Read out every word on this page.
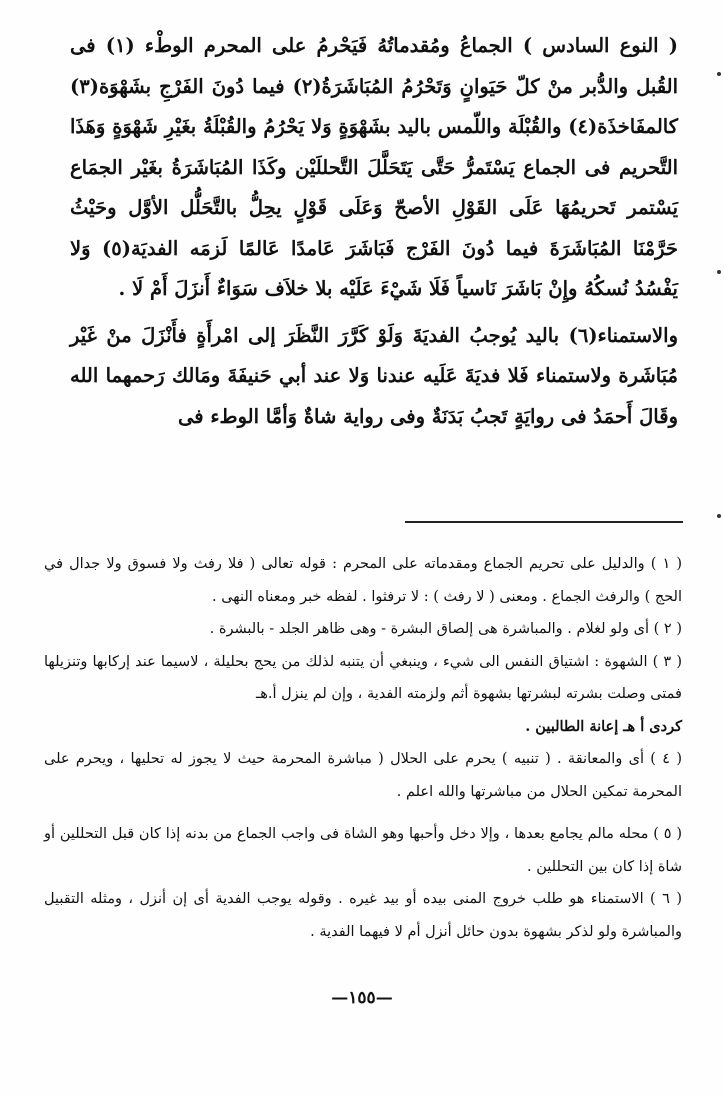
( النوع السادس ) الجماعُ ومُقدماتُهُ فَيَحْرمُ على المحرم الوطْء (١) فى القُبل والدُّبر منْ كلّ حَيَوانٍ وَتَحْرُمُ المُبَاشَرَةُ(٢) فيما دُونَ الفَرْجِ بشَهْوَة(٣) كالمفَاخذَة(٤) والقُبْلَة واللّمس باليد بشَهْوَةٍ وَلا يَحْرُمُ والقُبْلَةُ بغَيْرِ شَهْوَةٍ وَهَذَا التَّحريم فى الجماع يَسْتَمرُّ حَتَّى يَتَحَلَّلَ التَّحللَيْن وكَذَا المُبَاشَرَةُ بغَيْر الجمَاع يَسْتمر تَحريمُهَا عَلَى القَوْلِ الأصحّ وَعَلَى قَوْلٍ يحِلُّ بالتَّحَلُّل الأوَّل وحَيْثُ حَرَّمْنَا المُبَاشَرَةَ فيما دُونَ الفَرْج فَبَاشَرَ عَامدًا عَالمًا لَزمَه الفديَة(٥) وَلا يَفْسُدُ نُسكُهُ وإِنْ بَاشَرَ نَاسياً فَلَا شَيْءَ عَلَيْه بلا خلاَف سَوَاءٌ أَنزَلَ أَمْ لَا .

والاستمناء(٦) باليد يُوجبُ الفديَةَ وَلَوْ كَرَّرَ النَّظَرَ إلى امْرأَةٍ فأَنْزَلَ منْ غَيْر مُبَاشَرة ولاستمناء فَلا فديَةَ عَلَيه عندنا وَلا عند أبي حَنيفَةَ ومَالك رَحمهما الله وقَالَ أَحمَدُ فى روايَةٍ تَجبُ بَدَنَةٌ وفى رواية شاةٌ وَأمَّا الوطء فى

( ١ ) والدليل على تحريم الجماع ومقدماته على المحرم : قوله تعالى ( فلا رفث ولا فسوق ولا جدال في الحج ) والرفث الجماع . ومعنى ( لا رفث ) : لا ترفثوا . لفظه خبر ومعناه النهى .

( ٢ ) أى ولو لغلام . والمباشرة هى إلصاق البشرة - وهى ظاهر الجلد - بالبشرة .

( ٣ ) الشهوة : اشتياق النفس الى شيء ، وينبغي أن يتنبه لذلك من يحج بحليلة ، لاسيما عند إركابها وتنزيلها فمتى وصلت بشرته لبشرتها بشهوة أثم ولزمته الفدية ، وإن لم ينزل أ.هـ
كردى أ هـ إعانة الطالبين .

( ٤ ) أى والمعانقة . ( تنبيه ) يحرم على الحلال ( مباشرة المحرمة حيث لا يجوز له تحليها ، ويحرم على المحرمة تمكين الحلال من مباشرتها والله اعلم .

( ٥ ) محله مالم يجامع بعدها ، وإلا دخل وأحبها وهو الشاة فى واجب الجماع من بدنه إذا كان قبل التحللين أو شاة إذا كان بين التحللين .

( ٦ ) الاستمناء هو طلب خروج المنى بيده أو بيد غيره . وقوله يوجب الفدية أى إن أنزل ، ومثله التقبيل والمباشرة ولو لذكر بشهوة بدون حائل أنزل أم لا فيهما الفدية .

—١٥٥—
